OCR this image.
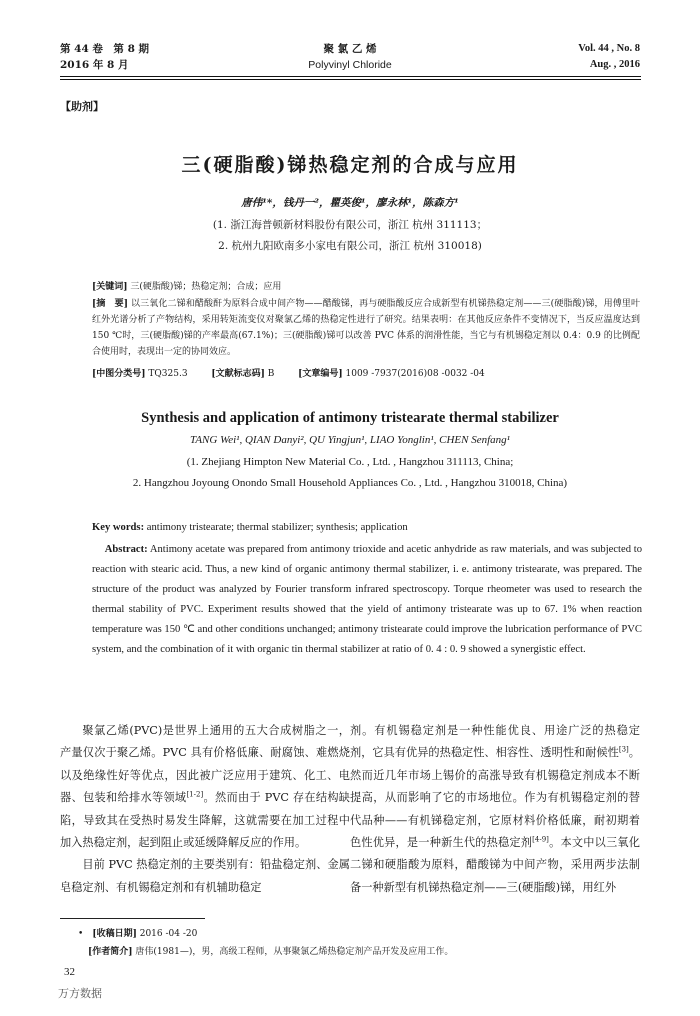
第 44 卷　第 8 期
2016 年 8 月
聚 氯 乙 烯
Polyvinyl Chloride
Vol. 44 , No. 8
Aug. , 2016
【助剂】
三(硬脂酸)锑热稳定剂的合成与应用
唐伟¹*，钱丹一²，瞿英俊¹，廖永林¹，陈森方¹
(1. 浙江海普顿新材料股份有限公司，浙江 杭州 311113；
2. 杭州九阳欧南多小家电有限公司，浙江 杭州 310018)
[关键词] 三(硬脂酸)锑；热稳定剂；合成；应用
[摘　要] 以三氧化二锑和醋酸酐为原料合成中间产物——醋酸锑，再与硬脂酸反应合成新型有机锑热稳定剂——三(硬脂酸)锑，用傅里叶红外光谱分析了产物结构，采用转矩流变仪对聚氯乙烯的热稳定性进行了研究。结果表明：在其他反应条件不变情况下，当反应温度达到 150 ℃时，三(硬脂酸)锑的产率最高(67.1%)；三(硬脂酸)锑可以改善 PVC 体系的润滑性能，当它与有机锡稳定剂以 0.4：0.9 的比例配合使用时，表现出一定的协同效应。
[中图分类号] TQ325.3	[文献标志码] B	[文章编号] 1009 -7937(2016)08 -0032 -04
Synthesis and application of antimony tristearate thermal stabilizer
TANG Wei¹, QIAN Danyi², QU Yingjun¹, LIAO Yonglin¹, CHEN Senfang¹
(1. Zhejiang Himpton New Material Co. , Ltd. , Hangzhou 311113, China;
2. Hangzhou Joyoung Onondo Small Household Appliances Co. , Ltd. , Hangzhou 310018, China)
Key words: antimony tristearate; thermal stabilizer; synthesis; application
Abstract: Antimony acetate was prepared from antimony trioxide and acetic anhydride as raw materials, and was subjected to reaction with stearic acid. Thus, a new kind of organic antimony thermal stabilizer, i. e. antimony tristearate, was prepared. The structure of the product was analyzed by Fourier transform infrared spectroscopy. Torque rheometer was used to research the thermal stability of PVC. Experiment results showed that the yield of antimony tristearate was up to 67. 1% when reaction temperature was 150 ℃ and other conditions unchanged; antimony tristearate could improve the lubrication performance of PVC system, and the combination of it with organic tin thermal stabilizer at ratio of 0. 4 : 0. 9 showed a synergistic effect.

聚氯乙烯(PVC)是世界上通用的五大合成树脂之一，产量仅次于聚乙烯。PVC 具有价格低廉、耐腐蚀、难燃烧以及绝缘性好等优点，因此被广泛应用于建筑、化工、电器、包装和给排水等领域[1-2]。然而由于 PVC 存在结构缺陷，导致其在受热时易发生降解，这就需要在加工过程中加入热稳定剂，起到阻止或延缓降解反应的作用。

目前 PVC 热稳定剂的主要类别有：铅盐稳定剂、金属皂稳定剂、有机锡稳定剂和有机辅助稳定

剂。有机锡稳定剂是一种性能优良、用途广泛的热稳定剂，它具有优异的热稳定性、相容性、透明性和耐候性[3]。然而近几年市场上锡价的高涨导致有机锡稳定剂成本不断提高，从而影响了它的市场地位。作为有机锡稳定剂的替代品种——有机锑稳定剂，它原材料价格低廉，耐初期着色性优异，是一种新生代的热稳定剂[4-9]。本文中以三氧化二锑和硬脂酸为原料，醋酸锑为中间产物，采用两步法制备一种新型有机锑热稳定剂——三(硬脂酸)锑，用红外

•　[收稿日期] 2016 -04 -20
[作者简介] 唐伟(1981—)，男，高级工程师，从事聚氯乙烯热稳定剂产品开发及应用工作。
32
万方数据
